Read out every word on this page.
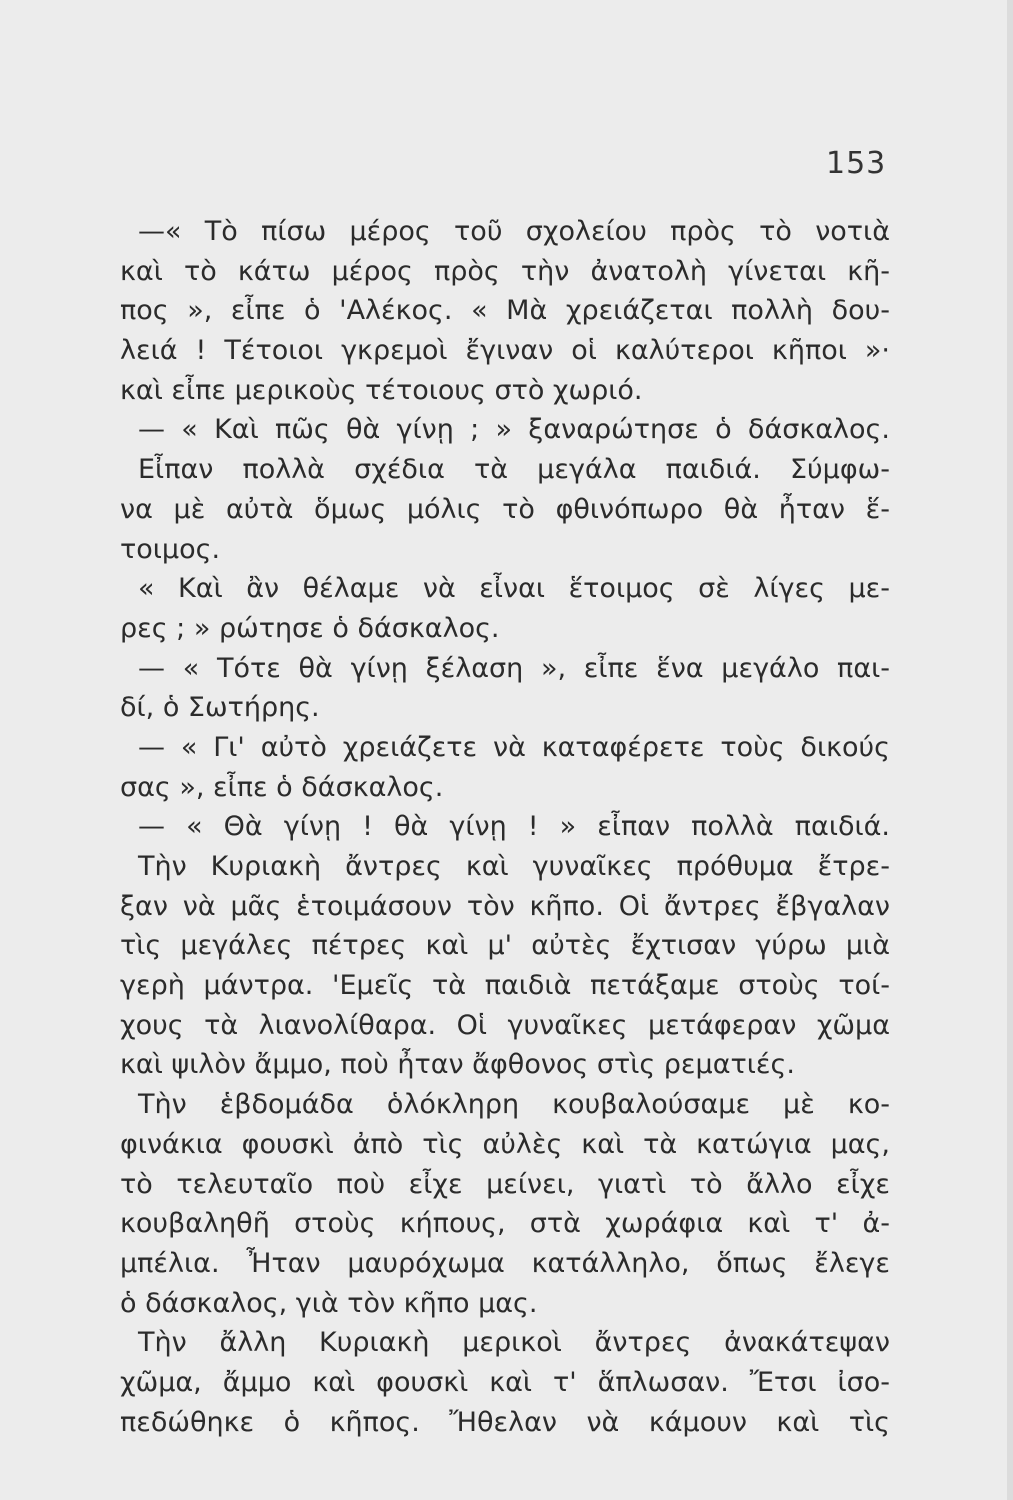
153
—« Τὸ πίσω μέρος τοῦ σχολείου πρὸς τὸ νοτιὰ
καὶ τὸ κάτω μέρος πρὸς τὴν ἀνατολὴ γίνεται κῆ-
πος », εἶπε ὁ 'Αλέκος. « Μὰ χρειάζεται πολλὴ δου-
λειά ! Τέτοιοι γκρεμοὶ ἔγιναν οἱ καλύτεροι κῆποι »·
καὶ εἶπε μερικοὺς τέτοιους στὸ χωριό.
— « Καὶ πῶς θὰ γίνῃ ; » ξαναρώτησε ὁ δάσκαλος.
Εἶπαν πολλὰ σχέδια τὰ μεγάλα παιδιά. Σύμφω-
να μὲ αὐτὰ ὅμως μόλις τὸ φθινόπωρο θὰ ἦταν ἕ-
τοιμος.
« Καὶ ἂν θέλαμε νὰ εἶναι ἕτοιμος σὲ λίγες με-
ρες ; » ρώτησε ὁ δάσκαλος.
— « Τότε θὰ γίνῃ ξέλαση », εἶπε ἕνα μεγάλο παι-
δί, ὁ Σωτήρης.
— « Γι' αὐτὸ χρειάζετε νὰ καταφέρετε τοὺς δικούς
σας », εἶπε ὁ δάσκαλος.
— « Θὰ γίνῃ ! θὰ γίνῃ ! » εἶπαν πολλὰ παιδιά.
Τὴν Κυριακὴ ἄντρες καὶ γυναῖκες πρόθυμα ἔτρε-
ξαν νὰ μᾶς ἑτοιμάσουν τὸν κῆπο. Οἱ ἄντρες ἔβγαλαν
τὶς μεγάλες πέτρες καὶ μ' αὐτὲς ἔχτισαν γύρω μιὰ
γερὴ μάντρα. 'Εμεῖς τὰ παιδιὰ πετάξαμε στοὺς τοί-
χους τὰ λιανολίθαρα. Οἱ γυναῖκες μετάφεραν χῶμα
καὶ ψιλὸν ἄμμο, ποὺ ἦταν ἄφθονος στὶς ρεματιές.
Τὴν ἑβδομάδα ὁλόκληρη κουβαλούσαμε μὲ κο-
φινάκια φουσκὶ ἀπὸ τὶς αὐλὲς καὶ τὰ κατώγια μας,
τὸ τελευταῖο ποὺ εἶχε μείνει, γιατὶ τὸ ἄλλο εἶχε
κουβαληθῆ στοὺς κήπους, στὰ χωράφια καὶ τ' ἀ-
μπέλια. Ἦταν μαυρόχωμα κατάλληλο, ὅπως ἔλεγε
ὁ δάσκαλος, γιὰ τὸν κῆπο μας.
Τὴν ἄλλη Κυριακὴ μερικοὶ ἄντρες ἀνακάτεψαν
χῶμα, ἄμμο καὶ φουσκὶ καὶ τ' ἅπλωσαν. Ἔτσι ἰσο-
πεδώθηκε ὁ κῆπος. Ἤθελαν νὰ κάμουν καὶ τὶς
